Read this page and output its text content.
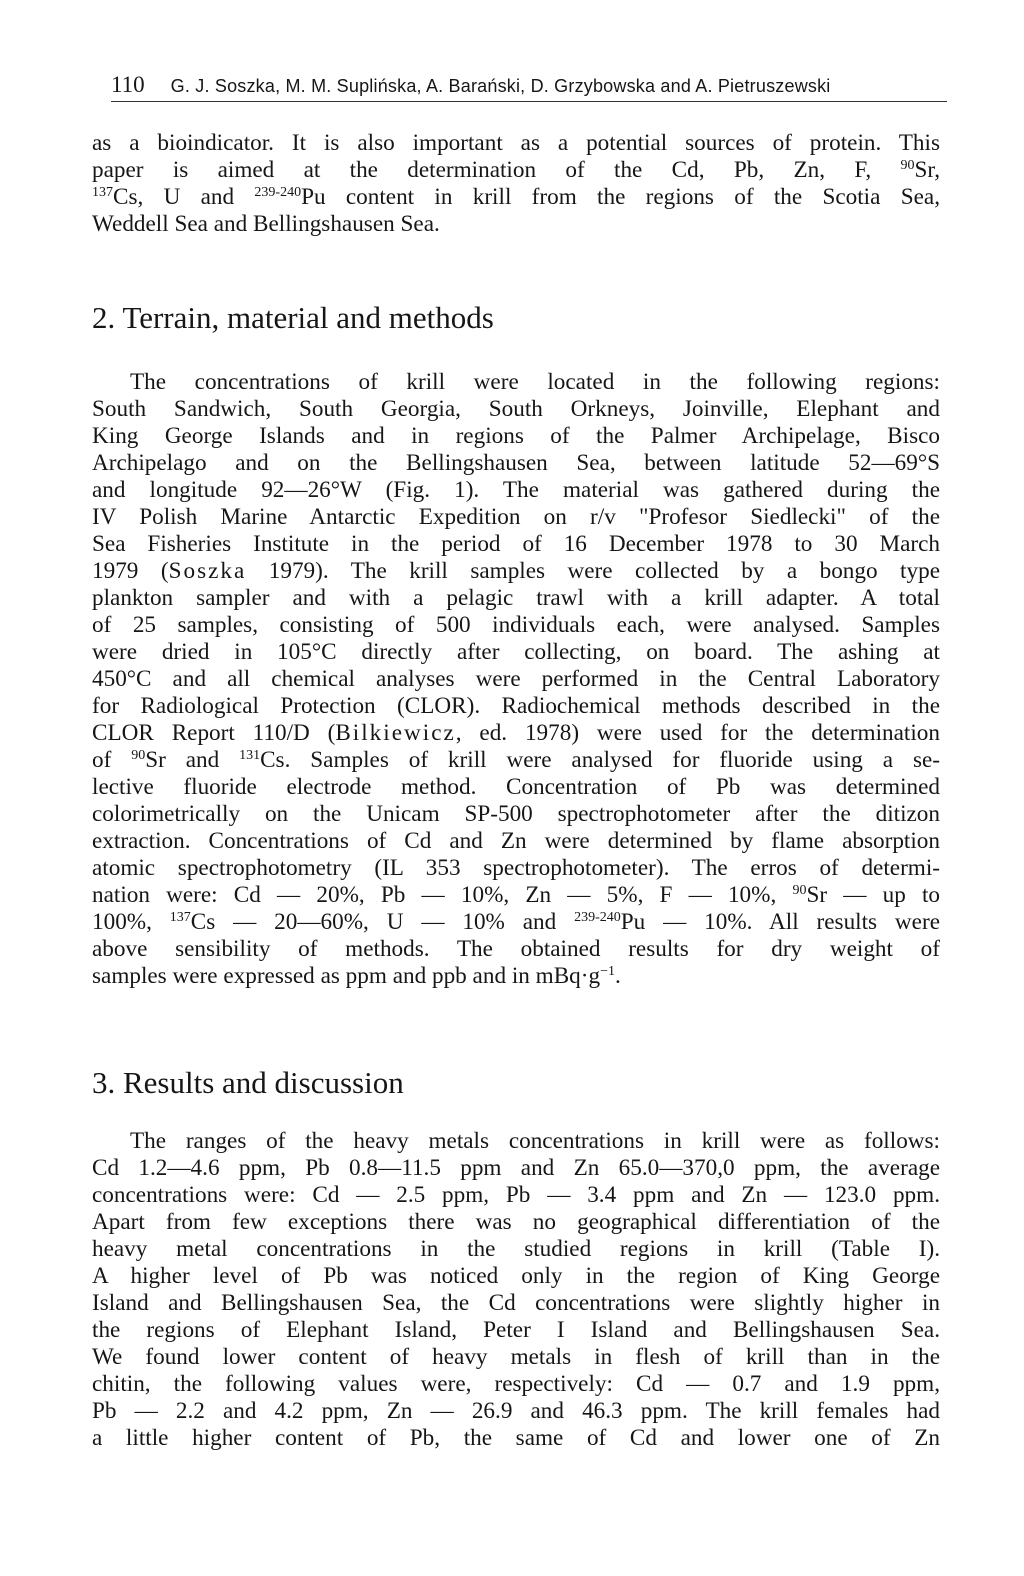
110 G. J. Soszka, M. M. Suplińska, A. Barański, D. Grzybowska and A. Pietruszewski
as a bioindicator. It is also important as a potential sources of protein. This
paper is aimed at the determination of the Cd, Pb, Zn, F, $^{90}$Sr,
$^{137}$Cs, U and $^{239-240}$Pu content in krill from the regions of the Scotia Sea,
Weddell Sea and Bellingshausen Sea.
2. Terrain, material and methods
The concentrations of krill were located in the following regions:
South Sandwich, South Georgia, South Orkneys, Joinville, Elephant and
King George Islands and in regions of the Palmer Archipelage, Bisco
Archipelago and on the Bellingshausen Sea, between latitude 52—69°S
and longitude 92—26°W (Fig. 1). The material was gathered during the
IV Polish Marine Antarctic Expedition on r/v "Profesor Siedlecki" of the
Sea Fisheries Institute in the period of 16 December 1978 to 30 March
1979 (Soszka 1979). The krill samples were collected by a bongo type
plankton sampler and with a pelagic trawl with a krill adapter. A total
of 25 samples, consisting of 500 individuals each, were analysed. Samples
were dried in 105°C directly after collecting, on board. The ashing at
450°C and all chemical analyses were performed in the Central Laboratory
for Radiological Protection (CLOR). Radiochemical methods described in the
CLOR Report 110/D (Bilkiewicz, ed. 1978) were used for the determination
of $^{90}$Sr and $^{131}$Cs. Samples of krill were analysed for fluoride using a se-
lective fluoride electrode method. Concentration of Pb was determined
colorimetrically on the Unicam SP-500 spectrophotometer after the ditizon
extraction. Concentrations of Cd and Zn were determined by flame absorption
atomic spectrophotometry (IL 353 spectrophotometer). The erros of determi-
nation were: Cd — 20%, Pb — 10%, Zn — 5%, F — 10%, $^{90}$Sr — up to
100%, $^{137}$Cs — 20—60%, U — 10% and $^{239-240}$Pu — 10%. All results were
above sensibility of methods. The obtained results for dry weight of
samples were expressed as ppm and ppb and in $mBq\cdot g^{-1}$.
3. Results and discussion
The ranges of the heavy metals concentrations in krill were as follows:
Cd 1.2—4.6 ppm, Pb 0.8—11.5 ppm and Zn 65.0—370,0 ppm, the average
concentrations were: Cd — 2.5 ppm, Pb — 3.4 ppm and Zn — 123.0 ppm.
Apart from few exceptions there was no geographical differentiation of the
heavy metal concentrations in the studied regions in krill (Table I).
A higher level of Pb was noticed only in the region of King George
Island and Bellingshausen Sea, the Cd concentrations were slightly higher in
the regions of Elephant Island, Peter I Island and Bellingshausen Sea.
We found lower content of heavy metals in flesh of krill than in the
chitin, the following values were, respectively: Cd — 0.7 and 1.9 ppm,
Pb — 2.2 and 4.2 ppm, Zn — 26.9 and 46.3 ppm. The krill females had
a little higher content of Pb, the same of Cd and lower one of Zn
